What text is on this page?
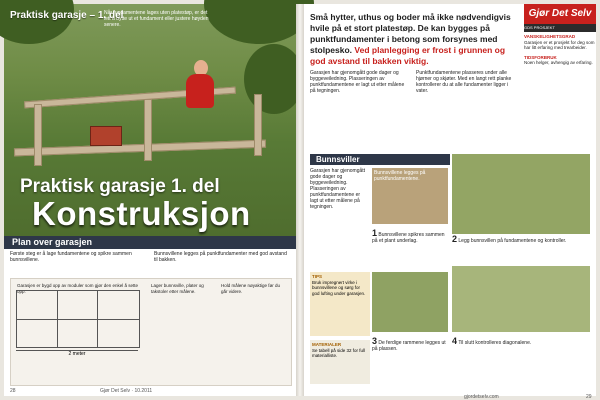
Praktisk garasje – 1. del
Når fundamentene lages uten platestøp, er det lett å bytte ut et fundament eller justere høyden senere.
Praktisk garasje 1. del
Konstruksjon
Plan over garasjen
Første steg er å lage fundamentene og spikre sammen bunnsvillene.
Bunnsvillene legges på punktfundamenter med god avstand til bakken.
Garasjen er bygd opp av moduler som gjør den enkel å sette opp.
Lager bunnsville, plater og takstoler etter målene.
Hold målene nøyaktige før du går videre.
2 meter
28	Gjør Det Selv · 10.2011
Små hytter, uthus og boder må ikke nødvendigvis hvile på et stort platestøp. De kan bygges på punktfundamenter i betong som forsynes med stolpesko. Ved planlegging er frost i grunnen og god avstand til bakken viktig.
Garasjen har gjenomgått gode dager og byggeveiledning. Plasseringen av punktfundamentene er lagt ut etter målene på tegningen.
Punktfundamentene plasseres under alle hjørner og skjøter. Med en langt rett planke kontrollerer du at alle fundamenter ligger i vater.
Gjør Det Selv
GDS PROSJEKT
VANSKELIGHETSGRAD
Garasjen er et prosjekt for deg som har litt erfaring med trearbeider.
TIDSFORBRUK
Noen helger, avhengig av erfaring.
Bunnsviller
Garasjen har gjenomgått gode dager og byggeveiledning. Plasseringen av punktfundamentene er lagt ut etter målene på tegningen.
Bunnsvillene legges på punktfundamentene.
1 Bunnsvillene spikres sammen på et plant underlag.	2 Legg bunnsvillen på fundamentene og kontroller.
3 De ferdige rammene legges ut på plassen.
4 Til slutt kontrolleres diagonalene.
TIPS
Bruk impregnert virke i bunnsvillene og sørg for god lufting under garasjen.
MATERIALER
Se tabell på side 32 for full materialliste.
gjordetselv.com	29
